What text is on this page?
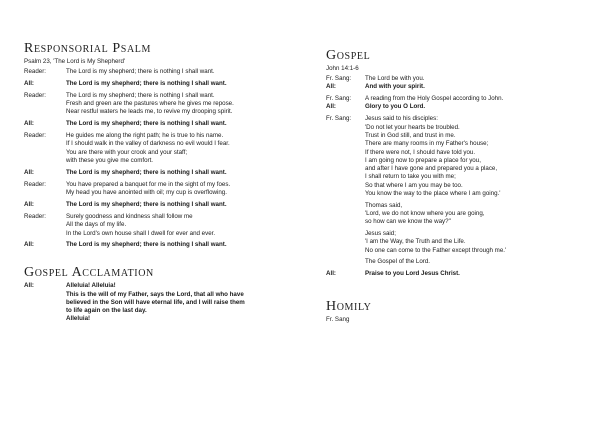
Responsorial Psalm
Psalm 23, 'The Lord is My Shepherd'
Reader:	The Lord is my shepherd; there is nothing I shall want.
All:	The Lord is my shepherd; there is nothing I shall want.
Reader:	The Lord is my shepherd; there is nothing I shall want.
Fresh and green are the pastures where he gives me repose.
Near restful waters he leads me, to revive my drooping spirit.
All:	The Lord is my shepherd; there is nothing I shall want.
Reader:	He guides me along the right path; he is true to his name.
If I should walk in the valley of darkness no evil would I fear.
You are there with your crook and your staff;
with these you give me comfort.
All:	The Lord is my shepherd; there is nothing I shall want.
Reader:	You have prepared a banquet for me in the sight of my foes.
My head you have anointed with oil; my cup is overflowing.
All:	The Lord is my shepherd; there is nothing I shall want.
Reader:	Surely goodness and kindness shall follow me
All the days of my life.
In the Lord's own house shall I dwell for ever and ever.
All:	The Lord is my shepherd; there is nothing I shall want.
Gospel Acclamation
All:	Alleluia! Alleluia!
This is the will of my Father, says the Lord, that all who have
believed in the Son will have eternal life, and I will raise them
to life again on the last day.
Alleluia!
Gospel
John 14:1-6
Fr. Sang:	The Lord be with you.
All:	And with your spirit.
Fr. Sang:	A reading from the Holy Gospel according to John.
All:	Glory to you O Lord.
Fr. Sang:	Jesus said to his disciples:
'Do not let your hearts be troubled.
Trust in God still, and trust in me.
There are many rooms in my Father's house;
If there were not, I should have told you.
I am going now to prepare a place for you,
and after I have gone and prepared you a place,
I shall return to take you with me;
So that where I am you may be too.
You know the way to the place where I am going.'
Thomas said,
'Lord, we do not know where you are going,
so how can we know the way?"
Jesus said;
'I am the Way, the Truth and the Life.
No one can come to the Father except through me.'
The Gospel of the Lord.
All:	Praise to you Lord Jesus Christ.
Homily
Fr. Sang
